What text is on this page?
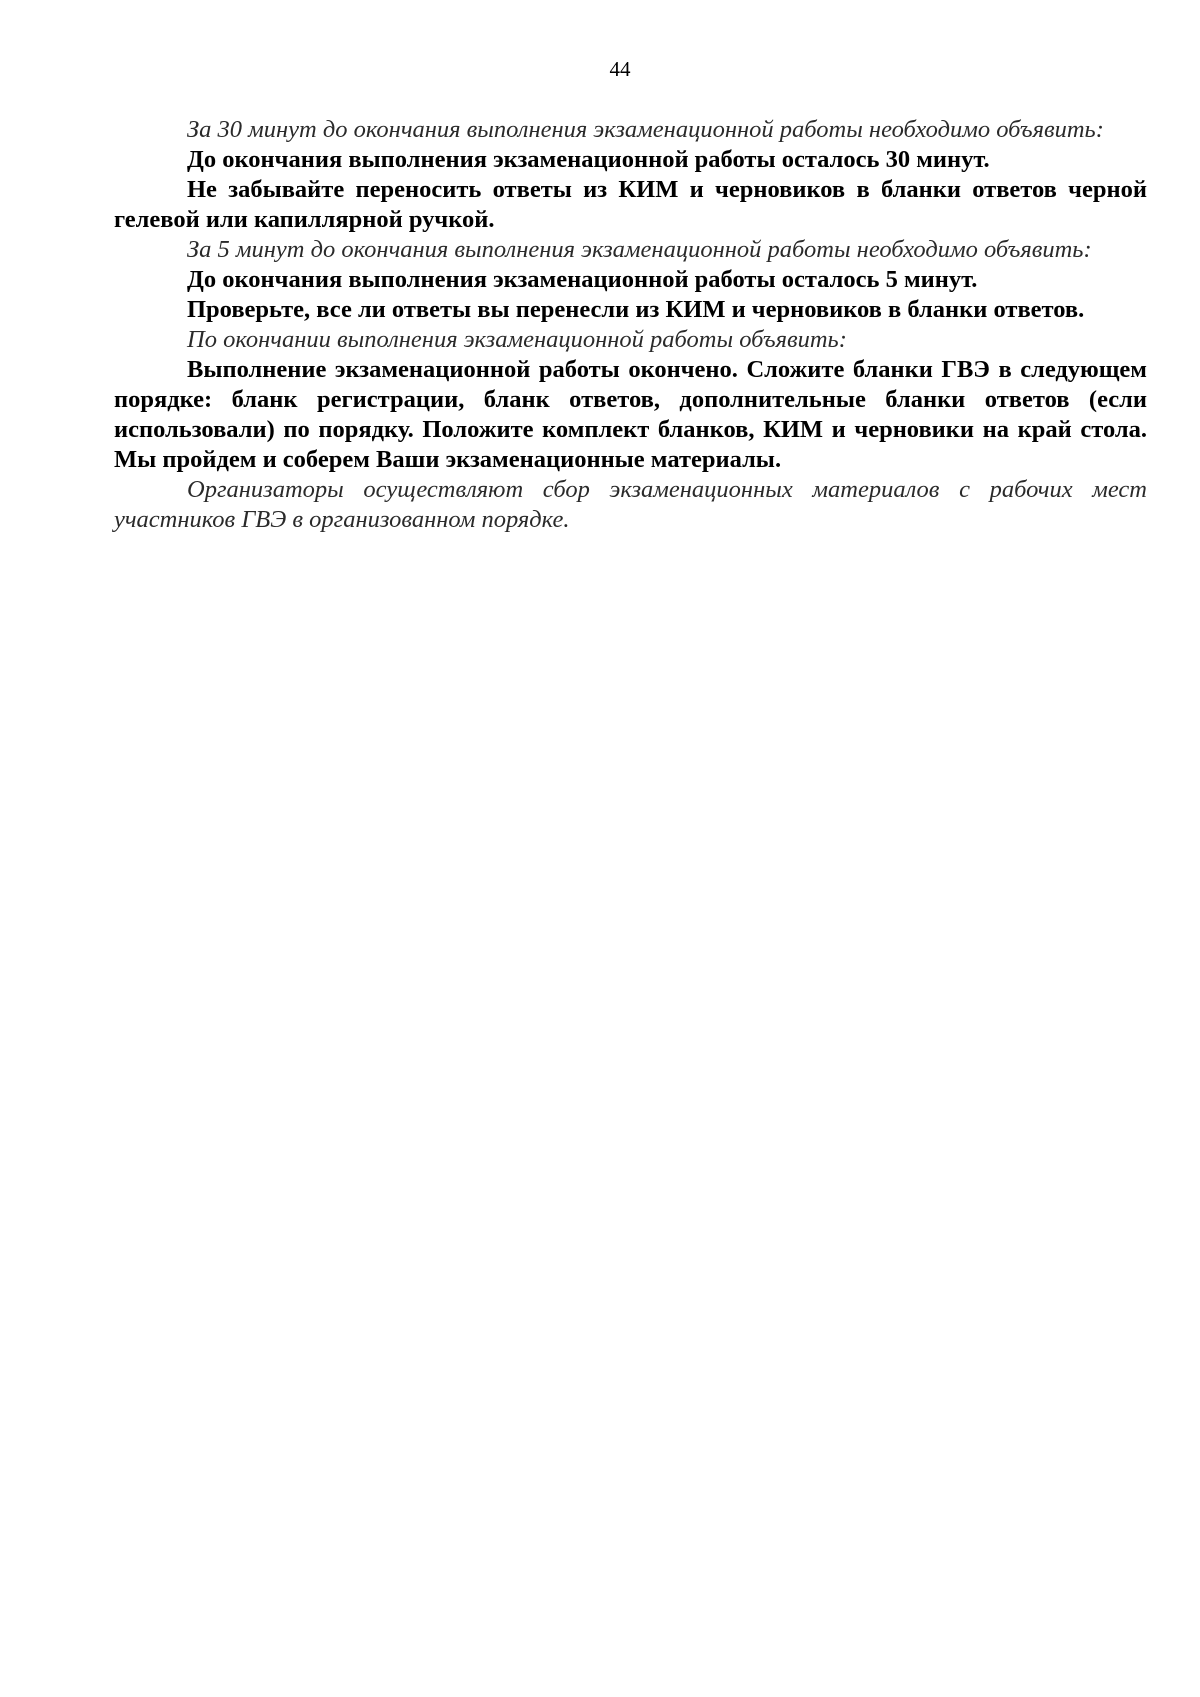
44

За 30 минут до окончания выполнения экзаменационной работы необходимо объявить:

До окончания выполнения экзаменационной работы осталось 30 минут.

Не забывайте переносить ответы из КИМ и черновиков в бланки ответов черной гелевой или капиллярной ручкой.

За 5 минут до окончания выполнения экзаменационной работы необходимо объявить:

До окончания выполнения экзаменационной работы осталось 5 минут.

Проверьте, все ли ответы вы перенесли из КИМ и черновиков в бланки ответов.

По окончании выполнения экзаменационной работы объявить:

Выполнение экзаменационной работы окончено. Сложите бланки ГВЭ в следующем порядке: бланк регистрации, бланк ответов, дополнительные бланки ответов (если использовали) по порядку. Положите комплект бланков, КИМ и черновики на край стола. Мы пройдем и соберем Ваши экзаменационные материалы.

Организаторы осуществляют сбор экзаменационных материалов с рабочих мест участников ГВЭ в организованном порядке.
